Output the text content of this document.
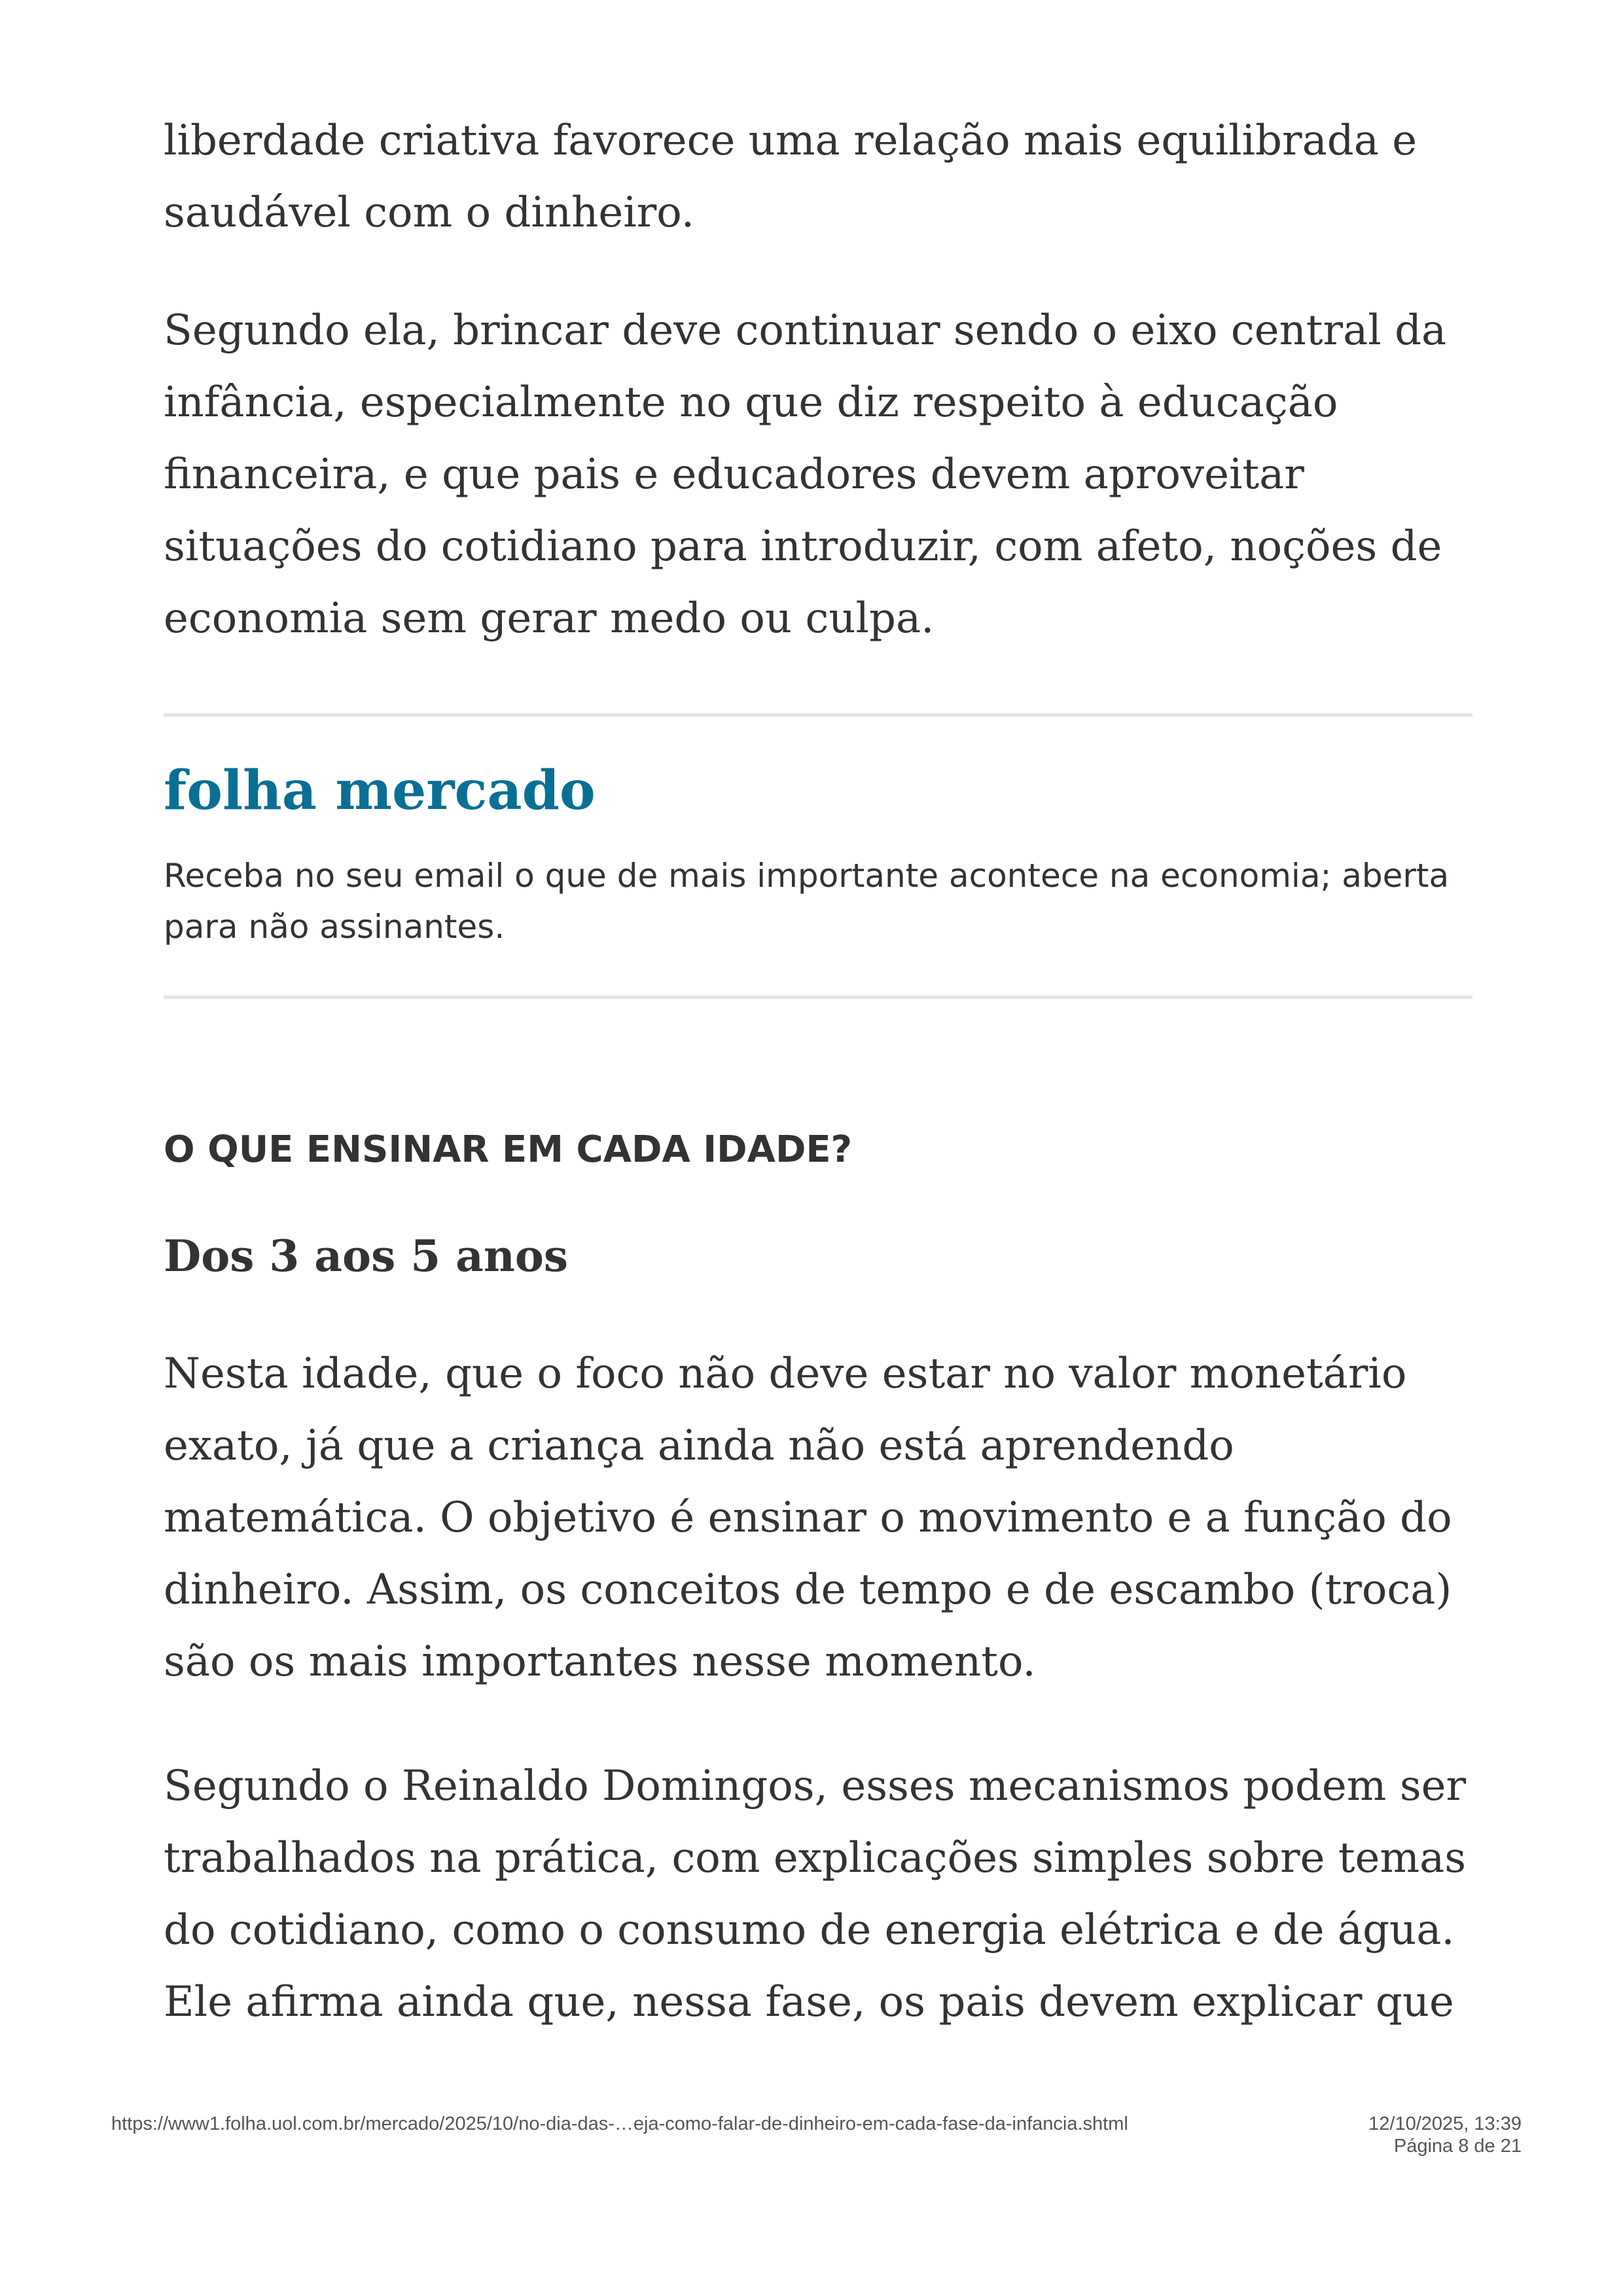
liberdade criativa favorece uma relação mais equilibrada e saudável com o dinheiro.

Segundo ela, brincar deve continuar sendo o eixo central da infância, especialmente no que diz respeito à educação financeira, e que pais e educadores devem aproveitar situações do cotidiano para introduzir, com afeto, noções de economia sem gerar medo ou culpa.

folha mercado

Receba no seu email o que de mais importante acontece na economia; aberta para não assinantes.

O QUE ENSINAR EM CADA IDADE?
Dos 3 aos 5 anos

Nesta idade, que o foco não deve estar no valor monetário exato, já que a criança ainda não está aprendendo matemática. O objetivo é ensinar o movimento e a função do dinheiro. Assim, os conceitos de tempo e de escambo (troca) são os mais importantes nesse momento.

Segundo o Reinaldo Domingos, esses mecanismos podem ser trabalhados na prática, com explicações simples sobre temas do cotidiano, como o consumo de energia elétrica e de água. Ele afirma ainda que, nessa fase, os pais devem explicar que

https://www1.folha.uol.com.br/mercado/2025/10/no-dia-das-…eja-como-falar-de-dinheiro-em-cada-fase-da-infancia.shtml	12/10/2025, 13:39
Página 8 de 21
